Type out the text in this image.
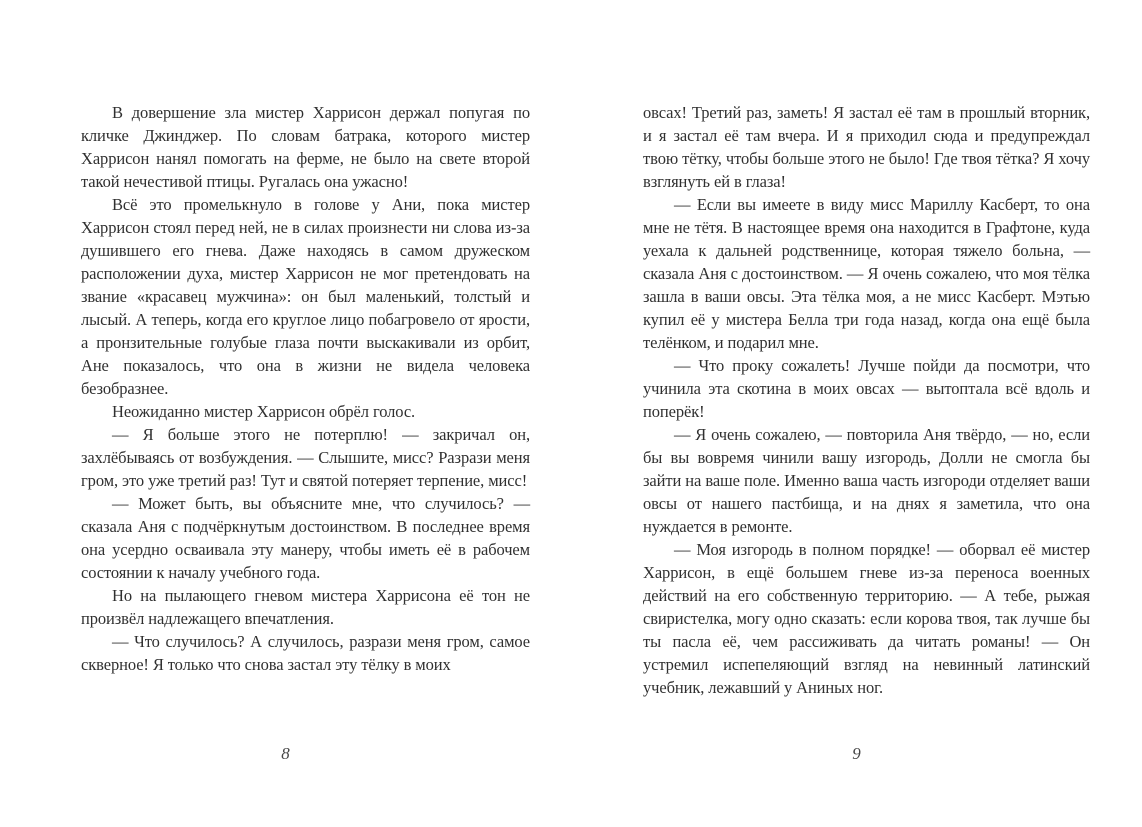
В довершение зла мистер Харрисон держал попугая по кличке Джинджер. По словам батрака, которого мистер Харрисон нанял помогать на ферме, не было на свете второй такой нечестивой птицы. Ругалась она ужасно!

Всё это промелькнуло в голове у Ани, пока мистер Харрисон стоял перед ней, не в силах произнести ни слова из-за душившего его гнева. Даже находясь в самом дружеском расположении духа, мистер Харрисон не мог претендовать на звание «красавец мужчина»: он был маленький, толстый и лысый. А теперь, когда его круглое лицо побагровело от ярости, а пронзительные голубые глаза почти выскакивали из орбит, Ане показалось, что она в жизни не видела человека безобразнее.

Неожиданно мистер Харрисон обрёл голос.

— Я больше этого не потерплю! — закричал он, захлёбываясь от возбуждения. — Слышите, мисс? Разрази меня гром, это уже третий раз! Тут и святой потеряет терпение, мисс!

— Может быть, вы объясните мне, что случилось? — сказала Аня с подчёркнутым достоинством. В последнее время она усердно осваивала эту манеру, чтобы иметь её в рабочем состоянии к началу учебного года.

Но на пылающего гневом мистера Харрисона её тон не произвёл надлежащего впечатления.

— Что случилось? А случилось, разрази меня гром, самое скверное! Я только что снова застал эту тёлку в моих

овсах! Третий раз, заметь! Я застал её там в прошлый вторник, и я застал её там вчера. И я приходил сюда и предупреждал твою тётку, чтобы больше этого не было! Где твоя тётка? Я хочу взглянуть ей в глаза!

— Если вы имеете в виду мисс Мариллу Касберт, то она мне не тётя. В настоящее время она находится в Графтоне, куда уехала к дальней родственнице, которая тяжело больна, — сказала Аня с достоинством. — Я очень сожалею, что моя тёлка зашла в ваши овсы. Эта тёлка моя, а не мисс Касберт. Мэтью купил её у мистера Белла три года назад, когда она ещё была телёнком, и подарил мне.

— Что проку сожалеть! Лучше пойди да посмотри, что учинила эта скотина в моих овсах — вытоптала всё вдоль и поперёк!

— Я очень сожалею, — повторила Аня твёрдо, — но, если бы вы вовремя чинили вашу изгородь, Долли не смогла бы зайти на ваше поле. Именно ваша часть изгороди отделяет ваши овсы от нашего пастбища, и на днях я заметила, что она нуждается в ремонте.

— Моя изгородь в полном порядке! — оборвал её мистер Харрисон, в ещё большем гневе из-за переноса военных действий на его собственную территорию. — А тебе, рыжая свиристелка, могу одно сказать: если корова твоя, так лучше бы ты пасла её, чем рассиживать да читать романы! — Он устремил испепеляющий взгляд на невинный латинский учебник, лежавший у Аниных ног.

8	9
